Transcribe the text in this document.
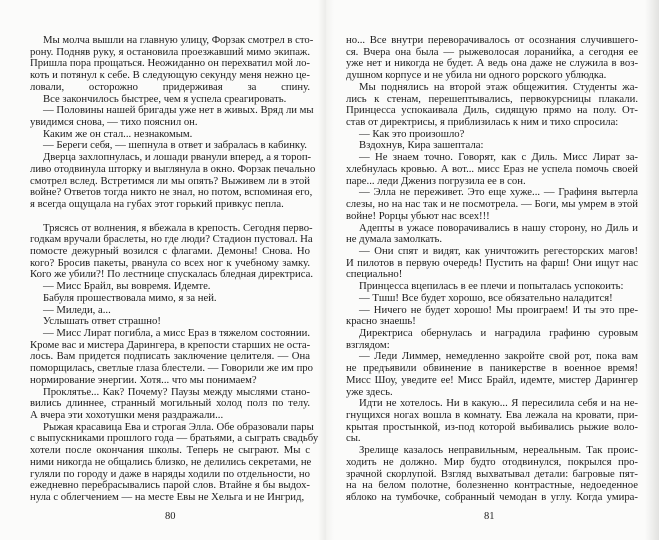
Мы молча вышли на главную улицу, Форзак смотрел в сто-
рону. Подняв руку, я остановила проезжавший мимо экипаж.
Пришла пора прощаться. Неожиданно он перехватил мой ло-
коть и потянул к себе. В следующую секунду меня нежно це-
ловали, осторожно придерживая за спину.
Все закончилось быстрее, чем я успела среагировать.
— Половины нашей бригады уже нет в живых. Вряд ли мы
увидимся снова, — тихо пояснил он.
Каким же он стал... незнакомым.
— Береги себя, — шепнула в ответ и забралась в кабинку.
Дверца захлопнулась, и лошади рванули вперед, а я тороп-
ливо отодвинула шторку и выглянула в окно. Форзак печально
смотрел вслед. Встретимся ли мы опять? Выживем ли в этой
войне? Ответов тогда никто не знал, но потом, вспоминая его,
я всегда ощущала на губах этот горький привкус пепла.
Трясясь от волнения, я вбежала в крепость. Сегодня перво-
годкам вручали браслеты, но где люди? Стадион пустовал. На
помосте дежурный возился с флагами. Демоны! Снова. Но
кого? Бросив пакеты, рванула со всех ног к учебному замку.
Кого же убили?! По лестнице спускалась бледная директриса.
— Мисс Брайл, вы вовремя. Идемте.
Бабуля прошествовала мимо, я за ней.
— Миледи, а...
Услышать ответ страшно!
— Мисс Лират погибла, а мисс Ераз в тяжелом состоянии.
Кроме вас и мистера Дарингера, в крепости старших не оста-
лось. Вам придется подписать заключение целителя. — Она
поморщилась, светлые глаза блестели. — Говорили же им про
нормирование энергии. Хотя... что мы понимаем?
Проклятье... Как? Почему? Паузы между мыслями стано-
вились длиннее, странный могильный холод полз по телу.
А вчера эти хохотушки меня раздражали...
Рыжая красавица Ева и строгая Элла. Обе образовали пары
с выпускниками прошлого года — братьями, а сыграть свадьбу
хотели после окончания школы. Теперь не сыграют. Мы с
ними никогда не общались близко, не делились секретами, не
гуляли по городу и даже в наряды ходили по отдельности, но
ежедневно перебрасывались парой слов. Втайне я бы выдох-
нула с облегчением — на месте Евы не Хельга и не Ингрид,
но... Все внутри переворачивалось от осознания случившего-
ся. Вчера она была — рыжеволосая лоранийка, а сегодня ее
уже нет и никогда не будет. А ведь она даже не служила в воз-
душном корпусе и не убила ни одного рорского ублюдка.
Мы поднялись на второй этаж общежития. Студенты жа-
лись к стенам, перешептывались, первокурсницы плакали.
Принцесса успокаивала Диль, сидящую прямо на полу. От-
став от директрисы, я приблизилась к ним и тихо спросила:
— Как это произошло?
Вздохнув, Кира зашептала:
— Не знаем точно. Говорят, как с Диль. Мисс Лират за-
хлебнулась кровью. А вот... мисс Ераз не успела помочь своей
паре... леди Джениз погрузила ее в сон.
— Элла не переживет. Это еще хуже... — Графиня вытерла
слезы, но на нас так и не посмотрела. — Боги, мы умрем в этой
войне! Рорцы убьют нас всех!!!
Адепты в ужасе поворачивались в нашу сторону, но Диль и
не думала замолкать.
— Они спят и видят, как уничтожить регесторских магов!
И пилотов в первую очередь! Пустить на фарш! Они ищут нас
специально!
Принцесса вцепилась в ее плечи и попыталась успокоить:
— Тшш! Все будет хорошо, все обязательно наладится!
— Ничего не будет хорошо! Мы проиграем! И ты это пре-
красно знаешь!
Директриса обернулась и наградила графиню суровым
взглядом:
— Леди Лиммер, немедленно закройте свой рот, пока вам
не предъявили обвинение в паникерстве в военное время!
Мисс Шоу, уведите ее! Мисс Брайл, идемте, мистер Дарингер
уже здесь.
Идти не хотелось. Ни в какую... Я пересилила себя и на не-
гнущихся ногах вошла в комнату. Ева лежала на кровати, при-
крытая простынкой, из-под которой выбивались рыжие воло-
сы.
Зрелище казалось неправильным, нереальным. Так проис-
ходить не должно. Мир будто отодвинулся, покрылся про-
зрачной скорлупой. Взгляд выхватывал детали: багровые пят-
на на белом полотне, болезненно контрастные, недоеденное
яблоко на тумбочке, собранный чемодан в углу. Когда умира-
80	81
